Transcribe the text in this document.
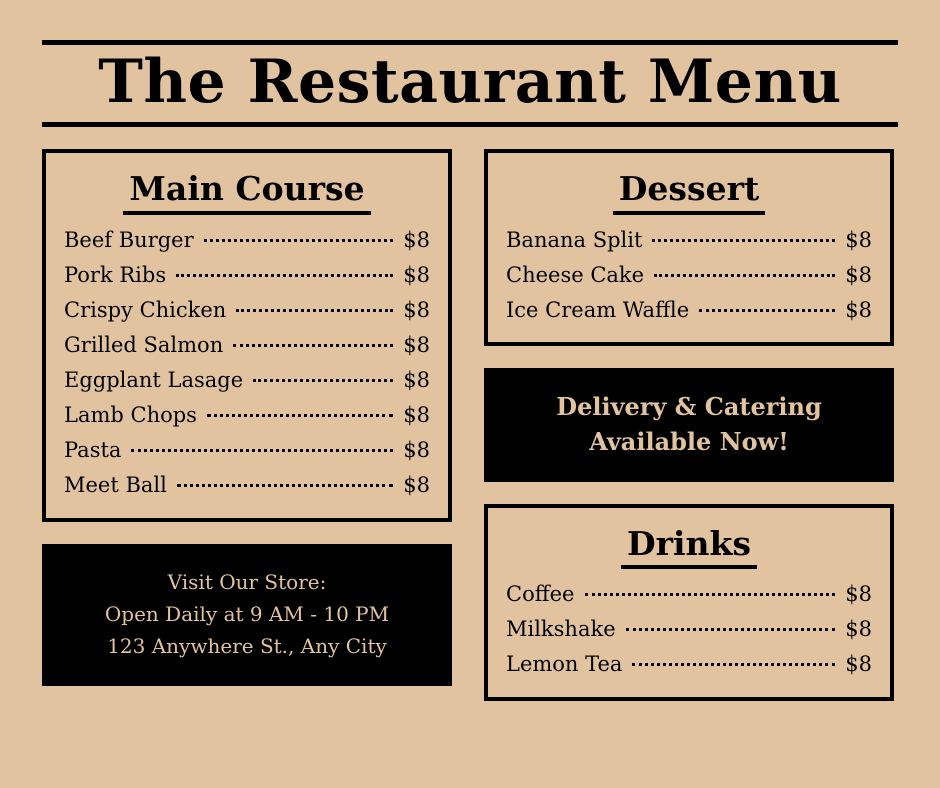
The Restaurant Menu
Main Course
Beef Burger	$8
Pork Ribs	$8
Crispy Chicken	$8
Grilled Salmon	$8
Eggplant Lasage	$8
Lamb Chops	$8
Pasta	$8
Meet Ball	$8
Visit Our Store:
Open Daily at 9 AM - 10 PM
123 Anywhere St., Any City
Dessert
Banana Split	$8
Cheese Cake	$8
Ice Cream Waffle	$8
Delivery & Catering
Available Now!
Drinks
Coffee	$8
Milkshake	$8
Lemon Tea	$8
